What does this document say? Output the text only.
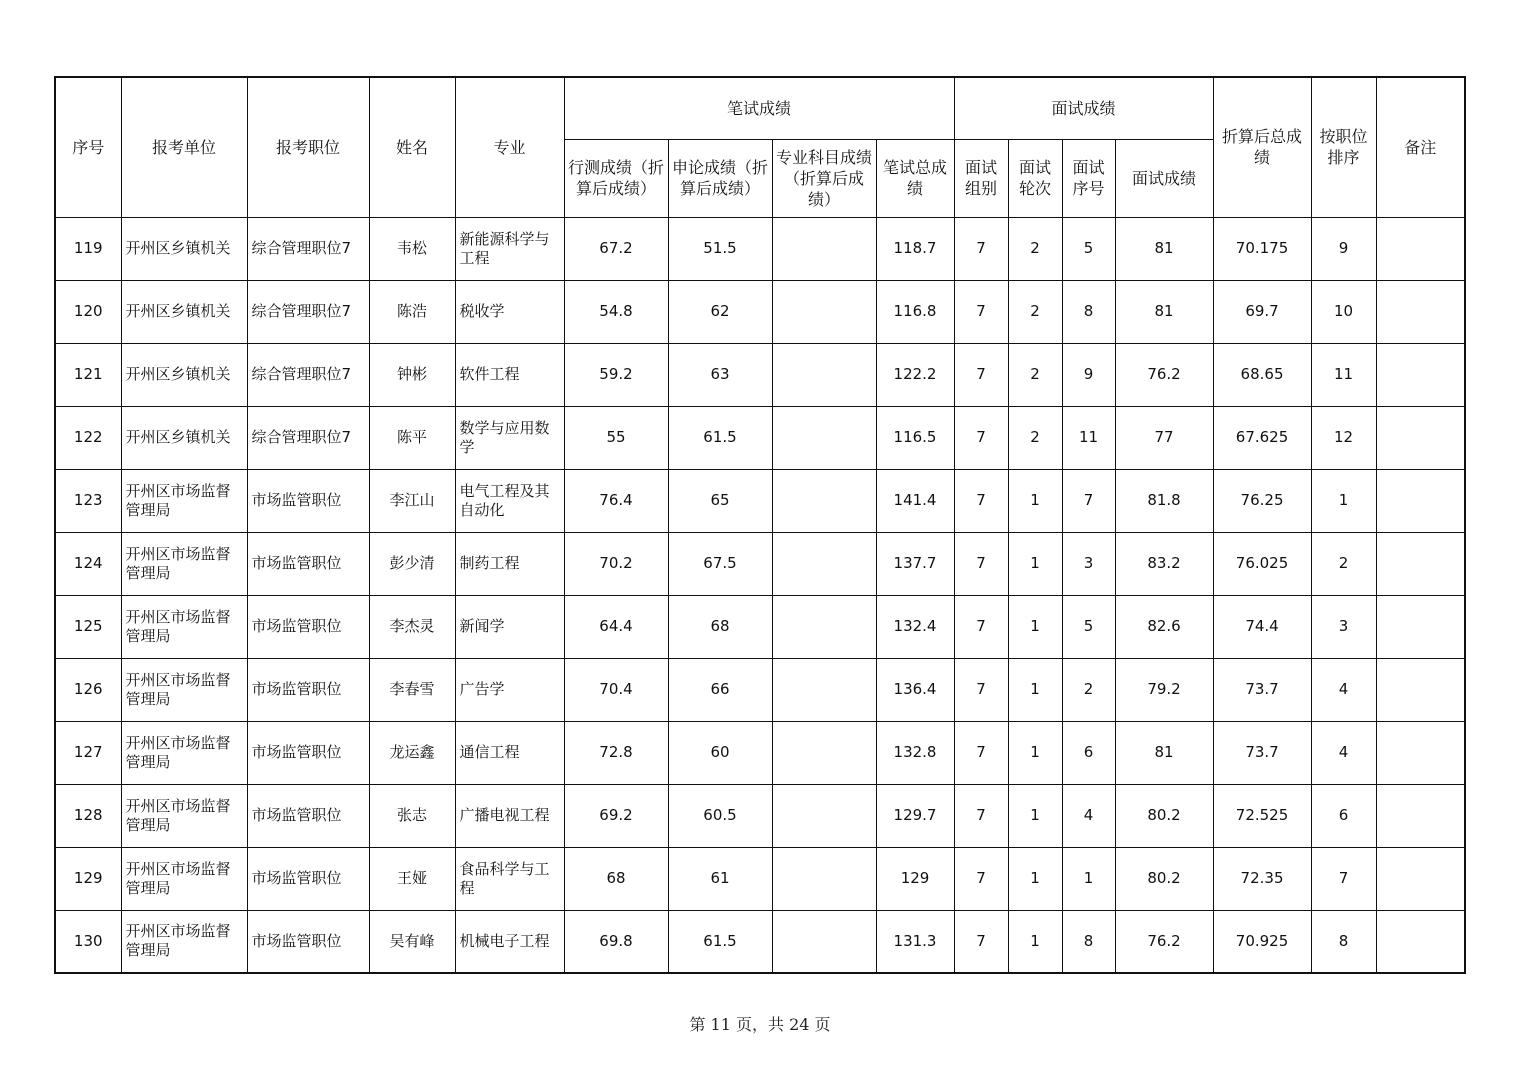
序号	报考单位	报考职位	姓名	专业	笔试成绩				面试成绩				折算后总成绩	按职位排序	备注
					行测成绩（折算后成绩）	申论成绩（折算后成绩）	专业科目成绩（折算后成绩）	笔试总成绩	面试组别	面试轮次	面试序号	面试成绩			
119	开州区乡镇机关	综合管理职位7	韦松	新能源科学与工程	67.2	51.5		118.7	7	2	5	81	70.175	9	
120	开州区乡镇机关	综合管理职位7	陈浩	税收学	54.8	62		116.8	7	2	8	81	69.7	10	
121	开州区乡镇机关	综合管理职位7	钟彬	软件工程	59.2	63		122.2	7	2	9	76.2	68.65	11	
122	开州区乡镇机关	综合管理职位7	陈平	数学与应用数学	55	61.5		116.5	7	2	11	77	67.625	12	
123	开州区市场监督管理局	市场监管职位	李江山	电气工程及其自动化	76.4	65		141.4	7	1	7	81.8	76.25	1	
124	开州区市场监督管理局	市场监管职位	彭少清	制药工程	70.2	67.5		137.7	7	1	3	83.2	76.025	2	
125	开州区市场监督管理局	市场监管职位	李杰灵	新闻学	64.4	68		132.4	7	1	5	82.6	74.4	3	
126	开州区市场监督管理局	市场监管职位	李春雪	广告学	70.4	66		136.4	7	1	2	79.2	73.7	4	
127	开州区市场监督管理局	市场监管职位	龙运鑫	通信工程	72.8	60		132.8	7	1	6	81	73.7	4	
128	开州区市场监督管理局	市场监管职位	张志	广播电视工程	69.2	60.5		129.7	7	1	4	80.2	72.525	6	
129	开州区市场监督管理局	市场监管职位	王娅	食品科学与工程	68	61		129	7	1	1	80.2	72.35	7	
130	开州区市场监督管理局	市场监管职位	吴有峰	机械电子工程	69.8	61.5		131.3	7	1	8	76.2	70.925	8	
第 11 页，共 24 页
